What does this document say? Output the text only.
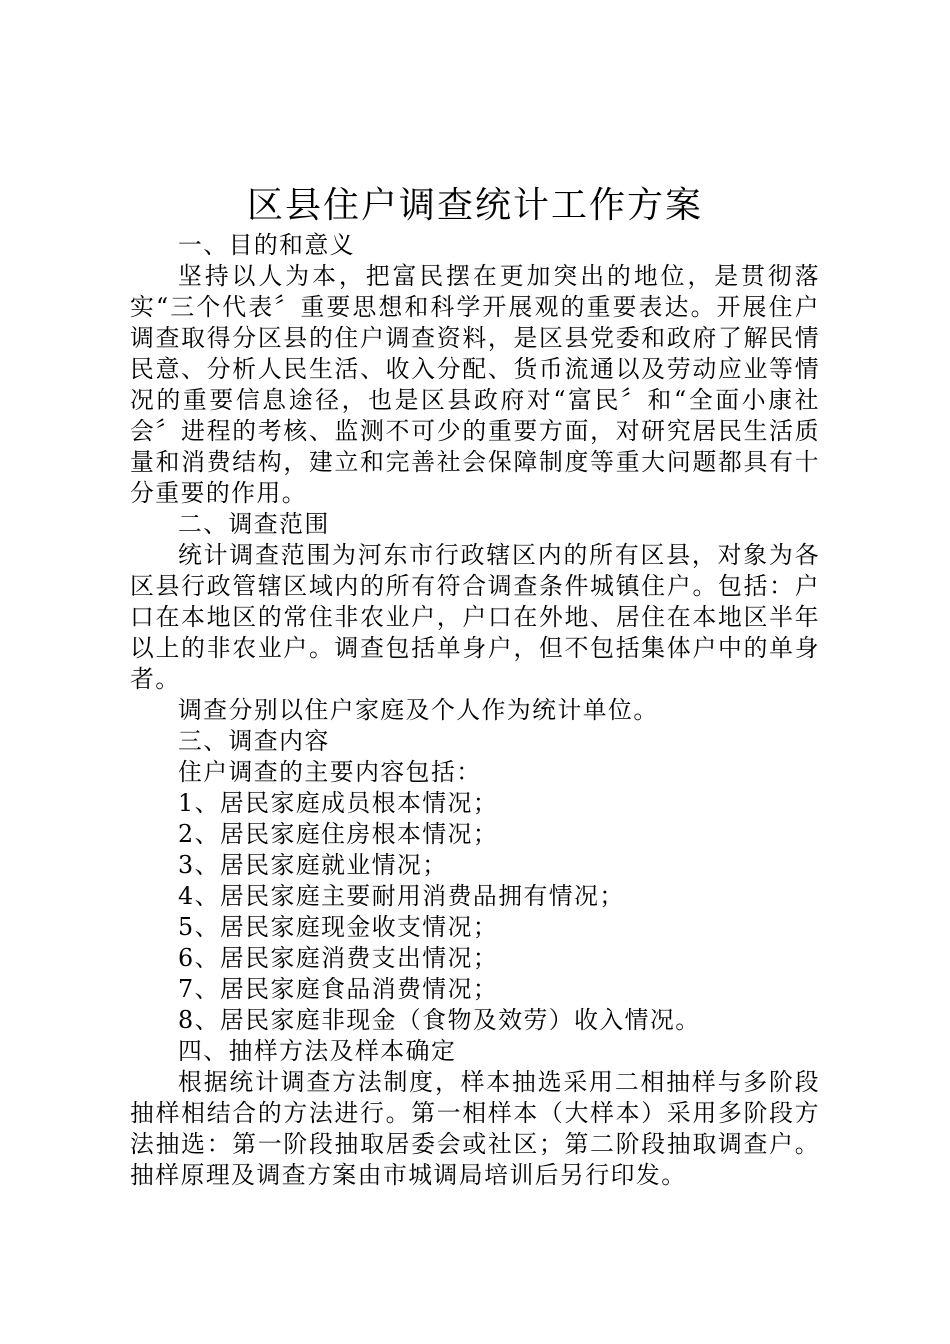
区县住户调查统计工作方案

一、目的和意义

坚持以人为本，把富民摆在更加突出的地位，是贯彻落实“三个代表〞重要思想和科学开展观的重要表达。开展住户调查取得分区县的住户调查资料，是区县党委和政府了解民情民意、分析人民生活、收入分配、货币流通以及劳动应业等情况的重要信息途径，也是区县政府对“富民〞和“全面小康社会〞进程的考核、监测不可少的重要方面，对研究居民生活质量和消费结构，建立和完善社会保障制度等重大问题都具有十分重要的作用。

二、调查范围

统计调查范围为河东市行政辖区内的所有区县，对象为各区县行政管辖区域内的所有符合调查条件城镇住户。包括：户口在本地区的常住非农业户，户口在外地、居住在本地区半年以上的非农业户。调查包括单身户，但不包括集体户中的单身者。

调查分别以住户家庭及个人作为统计单位。

三、调查内容

住户调查的主要内容包括：

1、居民家庭成员根本情况；

2、居民家庭住房根本情况；

3、居民家庭就业情况；

4、居民家庭主要耐用消费品拥有情况；

5、居民家庭现金收支情况；

6、居民家庭消费支出情况；

7、居民家庭食品消费情况；

8、居民家庭非现金（食物及效劳）收入情况。

四、抽样方法及样本确定

根据统计调查方法制度，样本抽选采用二相抽样与多阶段抽样相结合的方法进行。第一相样本（大样本）采用多阶段方法抽选：第一阶段抽取居委会或社区；第二阶段抽取调查户。抽样原理及调查方案由市城调局培训后另行印发。
